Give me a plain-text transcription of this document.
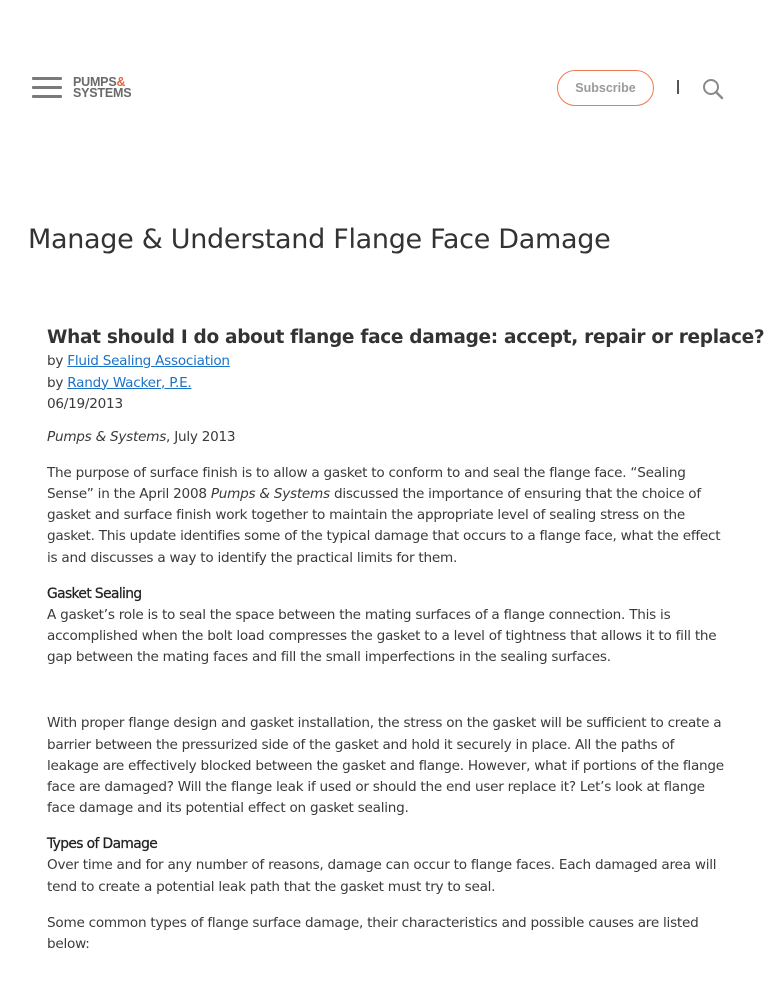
PUMPS&
SYSTEMS	Subscribe
Manage & Understand Flange Face Damage
What should I do about flange face damage: accept, repair or replace?
by Fluid Sealing Association
by Randy Wacker, P.E.
06/19/2013

Pumps & Systems, July 2013

The purpose of surface finish is to allow a gasket to conform to and seal the flange face. “Sealing Sense” in the April 2008 Pumps & Systems discussed the importance of ensuring that the choice of gasket and surface finish work together to maintain the appropriate level of sealing stress on the gasket. This update identifies some of the typical damage that occurs to a flange face, what the effect is and discusses a way to identify the practical limits for them.

Gasket Sealing

A gasket’s role is to seal the space between the mating surfaces of a flange connection. This is accomplished when the bolt load compresses the gasket to a level of tightness that allows it to fill the gap between the mating faces and fill the small imperfections in the sealing surfaces.

With proper flange design and gasket installation, the stress on the gasket will be sufficient to create a barrier between the pressurized side of the gasket and hold it securely in place. All the paths of leakage are effectively blocked between the gasket and flange. However, what if portions of the flange face are damaged? Will the flange leak if used or should the end user replace it? Let’s look at flange face damage and its potential effect on gasket sealing.

Types of Damage

Over time and for any number of reasons, damage can occur to flange faces. Each damaged area will tend to create a potential leak path that the gasket must try to seal.

Some common types of flange surface damage, their characteristics and possible causes are listed below:
